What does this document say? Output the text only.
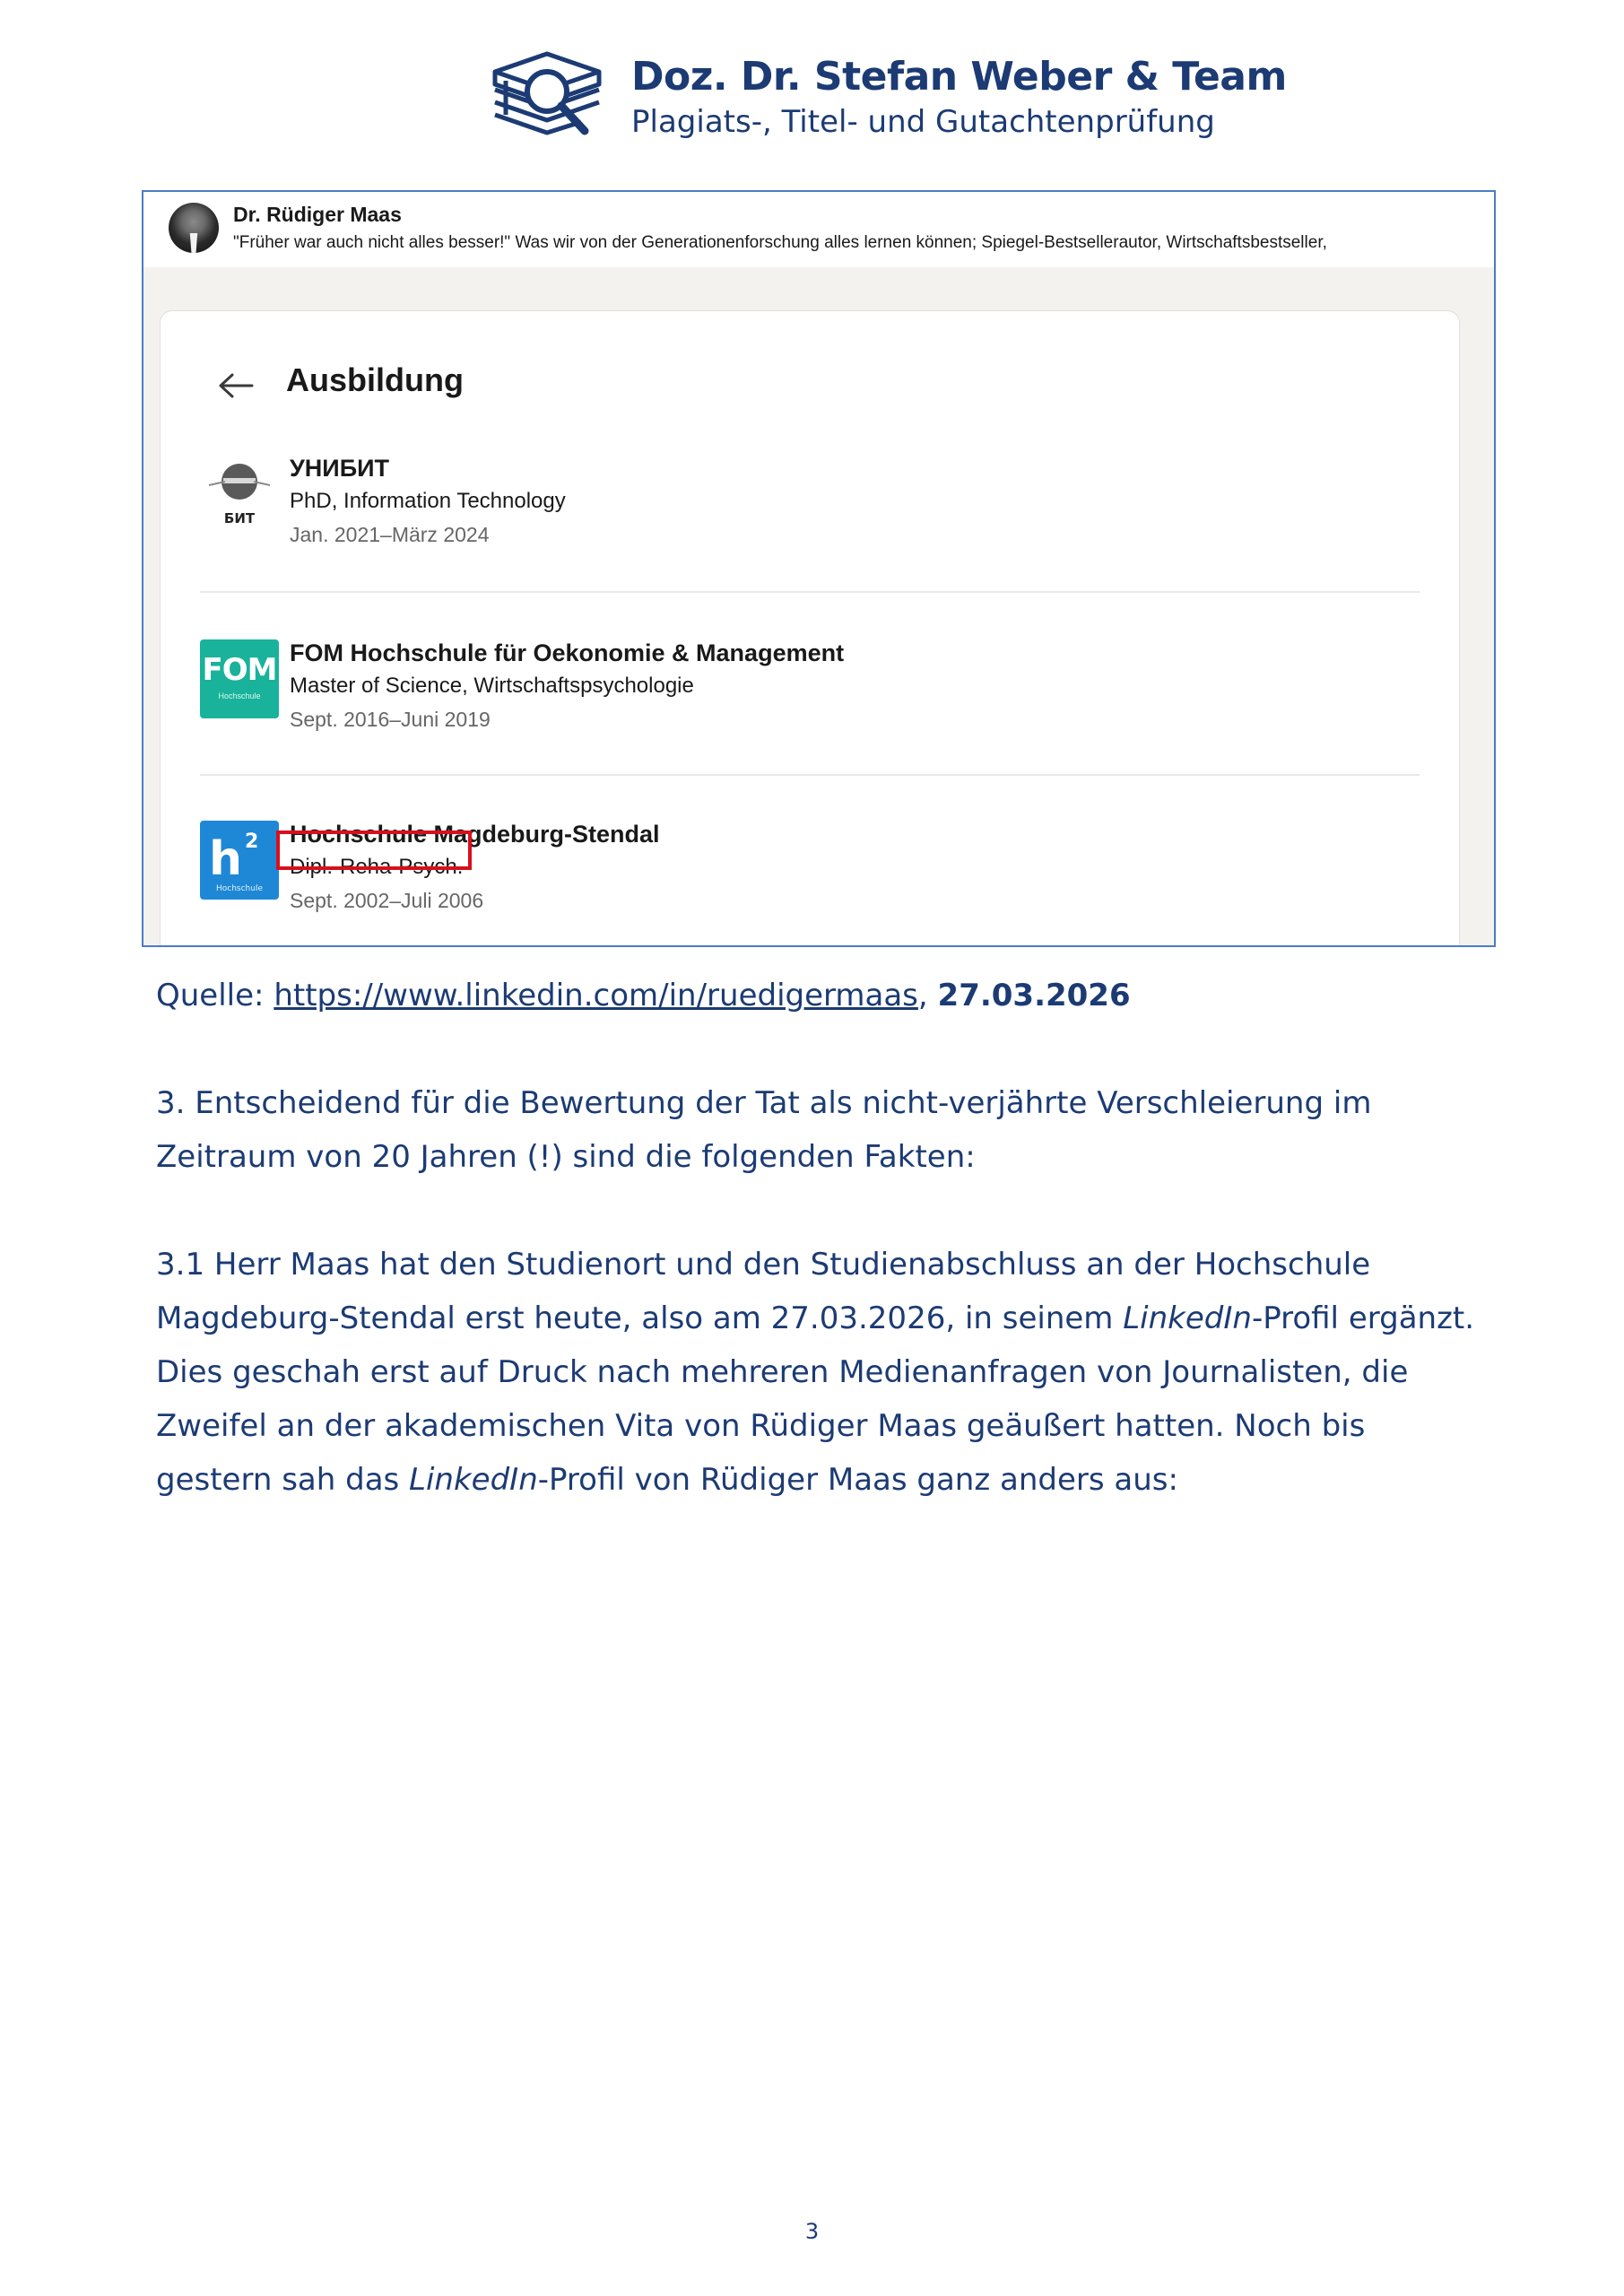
Doz. Dr. Stefan Weber & Team
Plagiats-, Titel- und Gutachtenprüfung
Dr. Rüdiger Maas
"Früher war auch nicht alles besser!" Was wir von der Generationenforschung alles lernen können; Spiegel-Bestsellerautor, Wirtschaftsbestseller,
Ausbildung
БИТ
УНИБИТ
PhD, Information Technology
Jan. 2021–März 2024
FOM
Hochschule
FOM Hochschule für Oekonomie & Management
Master of Science, Wirtschaftspsychologie
Sept. 2016–Juni 2019
h 2
Hochschule
Hochschule Magdeburg-Stendal
Dipl.-Reha-Psych.
Sept. 2002–Juli 2006
Quelle: https://www.linkedin.com/in/ruedigermaas, 27.03.2026
3. Entscheidend für die Bewertung der Tat als nicht-verjährte Verschleierung im Zeitraum von 20 Jahren (!) sind die folgenden Fakten:
3.1 Herr Maas hat den Studienort und den Studienabschluss an der Hochschule Magdeburg-Stendal erst heute, also am 27.03.2026, in seinem LinkedIn-Profil ergänzt. Dies geschah erst auf Druck nach mehreren Medienanfragen von Journalisten, die Zweifel an der akademischen Vita von Rüdiger Maas geäußert hatten. Noch bis gestern sah das LinkedIn-Profil von Rüdiger Maas ganz anders aus:
3
